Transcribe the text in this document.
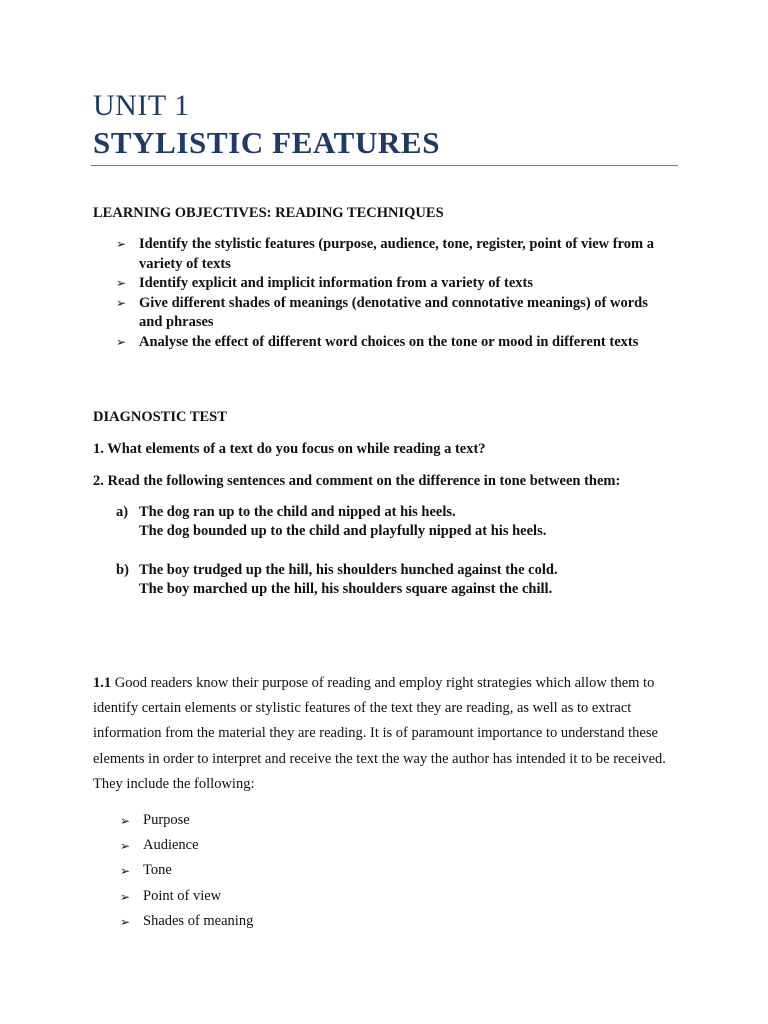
UNIT 1
STYLISTIC FEATURES
LEARNING OBJECTIVES: READING TECHNIQUES
➢ Identify the stylistic features (purpose, audience, tone, register, point of view from a variety of texts
➢ Identify explicit and implicit information from a variety of texts
➢ Give different shades of meanings (denotative and connotative meanings) of words and phrases
➢ Analyse the effect of different word choices on the tone or mood in different texts
DIAGNOSTIC TEST
1. What elements of a text do you focus on while reading a text?
2. Read the following sentences and comment on the difference in tone between them:
a) The dog ran up to the child and nipped at his heels.
The dog bounded up to the child and playfully nipped at his heels.
b) The boy trudged up the hill, his shoulders hunched against the cold.
The boy marched up the hill, his shoulders square against the chill.
1.1 Good readers know their purpose of reading and employ right strategies which allow them to identify certain elements or stylistic features of the text they are reading, as well as to extract information from the material they are reading. It is of paramount importance to understand these elements in order to interpret and receive the text the way the author has intended it to be received. They include the following:
➢ Purpose
➢ Audience
➢ Tone
➢ Point of view
➢ Shades of meaning
